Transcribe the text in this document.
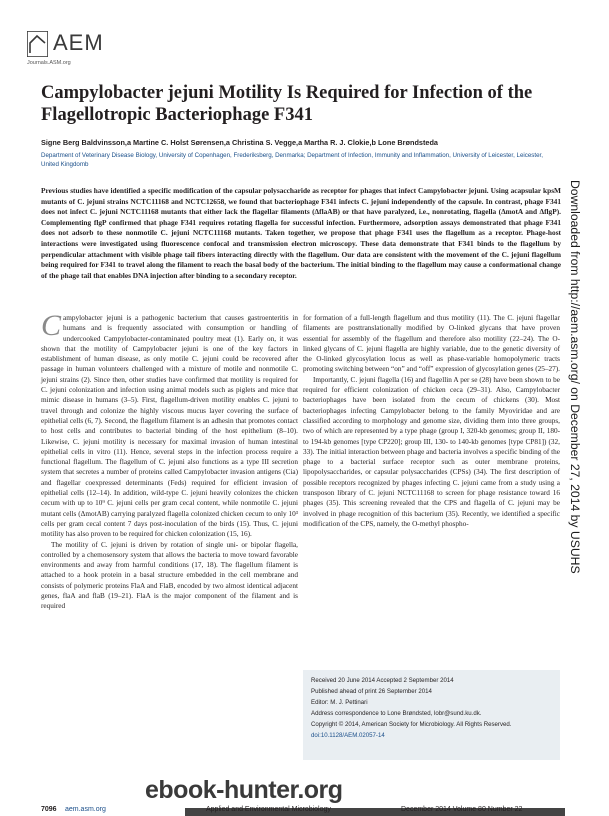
AEM
Journals.ASM.org
Campylobacter jejuni Motility Is Required for Infection of the Flagellotropic Bacteriophage F341
Signe Berg Baldvinsson,a Martine C. Holst Sørensen,a Christina S. Vegge,a Martha R. J. Clokie,b Lone Brøndsteda
Department of Veterinary Disease Biology, University of Copenhagen, Frederiksberg, Denmarka; Department of Infection, Immunity and Inflammation, University of Leicester, Leicester, United Kingdomb

Previous studies have identified a specific modification of the capsular polysaccharide as receptor for phages that infect Campylobacter jejuni. Using acapsular kpsM mutants of C. jejuni strains NCTC11168 and NCTC12658, we found that bacteriophage F341 infects C. jejuni independently of the capsule. In contrast, phage F341 does not infect C. jejuni NCTC11168 mutants that either lack the flagellar filaments (ΔflaAB) or that have paralyzed, i.e., nonrotating, flagella (ΔmotA and ΔflgP). Complementing flgP confirmed that phage F341 requires rotating flagella for successful infection. Furthermore, adsorption assays demonstrated that phage F341 does not adsorb to these nonmotile C. jejuni NCTC11168 mutants. Taken together, we propose that phage F341 uses the flagellum as a receptor. Phage-host interactions were investigated using fluorescence confocal and transmission electron microscopy. These data demonstrate that F341 binds to the flagellum by perpendicular attachment with visible phage tail fibers interacting directly with the flagellum. Our data are consistent with the movement of the C. jejuni flagellum being required for F341 to travel along the filament to reach the basal body of the bacterium. The initial binding to the flagellum may cause a conformational change of the phage tail that enables DNA injection after binding to a secondary receptor.	Downloaded from http://aem.asm.org/ on December 27, 2014 by USUHS

Campylobacter jejuni is a pathogenic bacterium that causes gastroenteritis in humans and is frequently associated with consumption or handling of undercooked Campylobacter-contaminated poultry meat (1). Early on, it was shown that the motility of Campylobacter jejuni is one of the key factors in establishment of human disease, as only motile C. jejuni could be recovered after passage in human volunteers challenged with a mixture of motile and nonmotile C. jejuni strains (2). Since then, other studies have confirmed that motility is required for C. jejuni colonization and infection using animal models such as piglets and mice that mimic disease in humans (3–5). First, flagellum-driven motility enables C. jejuni to travel through and colonize the highly viscous mucus layer covering the surface of epithelial cells (6, 7). Second, the flagellum filament is an adhesin that promotes contact to host cells and contributes to bacterial binding of the host epithelium (8–10). Likewise, C. jejuni motility is necessary for maximal invasion of human intestinal epithelial cells in vitro (11). Hence, several steps in the infection process require a functional flagellum. The flagellum of C. jejuni also functions as a type III secretion system that secretes a number of proteins called Campylobacter invasion antigens (Cia) and flagellar coexpressed determinants (Feds) required for efficient invasion of epithelial cells (12–14). In addition, wild-type C. jejuni heavily colonizes the chicken cecum with up to 10⁹ C. jejuni cells per gram cecal content, while nonmotile C. jejuni mutant cells (ΔmotAB) carrying paralyzed flagella colonized chicken cecum to only 10³ cells per gram cecal content 7 days post-inoculation of the birds (15). Thus, C. jejuni motility has also proven to be required for chicken colonization (15, 16).

The motility of C. jejuni is driven by rotation of single uni- or bipolar flagella, controlled by a chemosensory system that allows the bacteria to move toward favorable environments and away from harmful conditions (17, 18). The flagellum filament is attached to a hook protein in a basal structure embedded in the cell membrane and consists of polymeric proteins FlaA and FlaB, encoded by two almost identical adjacent genes, flaA and flaB (19–21). FlaA is the major component of the filament and is required

for formation of a full-length flagellum and thus motility (11). The C. jejuni flagellar filaments are posttranslationally modified by O-linked glycans that have proven essential for assembly of the flagellum and therefore also motility (22–24). The O-linked glycans of C. jejuni flagella are highly variable, due to the genetic diversity of the O-linked glycosylation locus as well as phase-variable homopolymeric tracts promoting switching between “on” and “off” expression of glycosylation genes (25–27).

Importantly, C. jejuni flagella (16) and flagellin A per se (28) have been shown to be required for efficient colonization of chicken ceca (29–31). Also, Campylobacter bacteriophages have been isolated from the cecum of chickens (30). Most bacteriophages infecting Campylobacter belong to the family Myoviridae and are classified according to morphology and genome size, dividing them into three groups, two of which are represented by a type phage (group I, 320-kb genomes; group II, 180- to 194-kb genomes [type CP220]; group III, 130- to 140-kb genomes [type CP81]) (32, 33). The initial interaction between phage and bacteria involves a specific binding of the phage to a bacterial surface receptor such as outer membrane proteins, lipopolysaccharides, or capsular polysaccharides (CPSs) (34). The first description of possible receptors recognized by phages infecting C. jejuni came from a study using a transposon library of C. jejuni NCTC11168 to screen for phage resistance toward 16 phages (35). This screening revealed that the CPS and flagella of C. jejuni may be involved in phage recognition of this bacterium (35). Recently, we identified a specific modification of the CPS, namely, the O-methyl phospho-

Received 20 June 2014 Accepted 2 September 2014
Published ahead of print 26 September 2014
Editor: M. J. Pettinari
Address correspondence to Lone Brøndsted, lobr@sund.ku.dk.
Copyright © 2014, American Society for Microbiology. All Rights Reserved.
doi:10.1128/AEM.02057-14
ebook-hunter.org
7096 aem.asm.org	Applied and Environmental Microbiology	December 2014 Volume 80 Number 22
